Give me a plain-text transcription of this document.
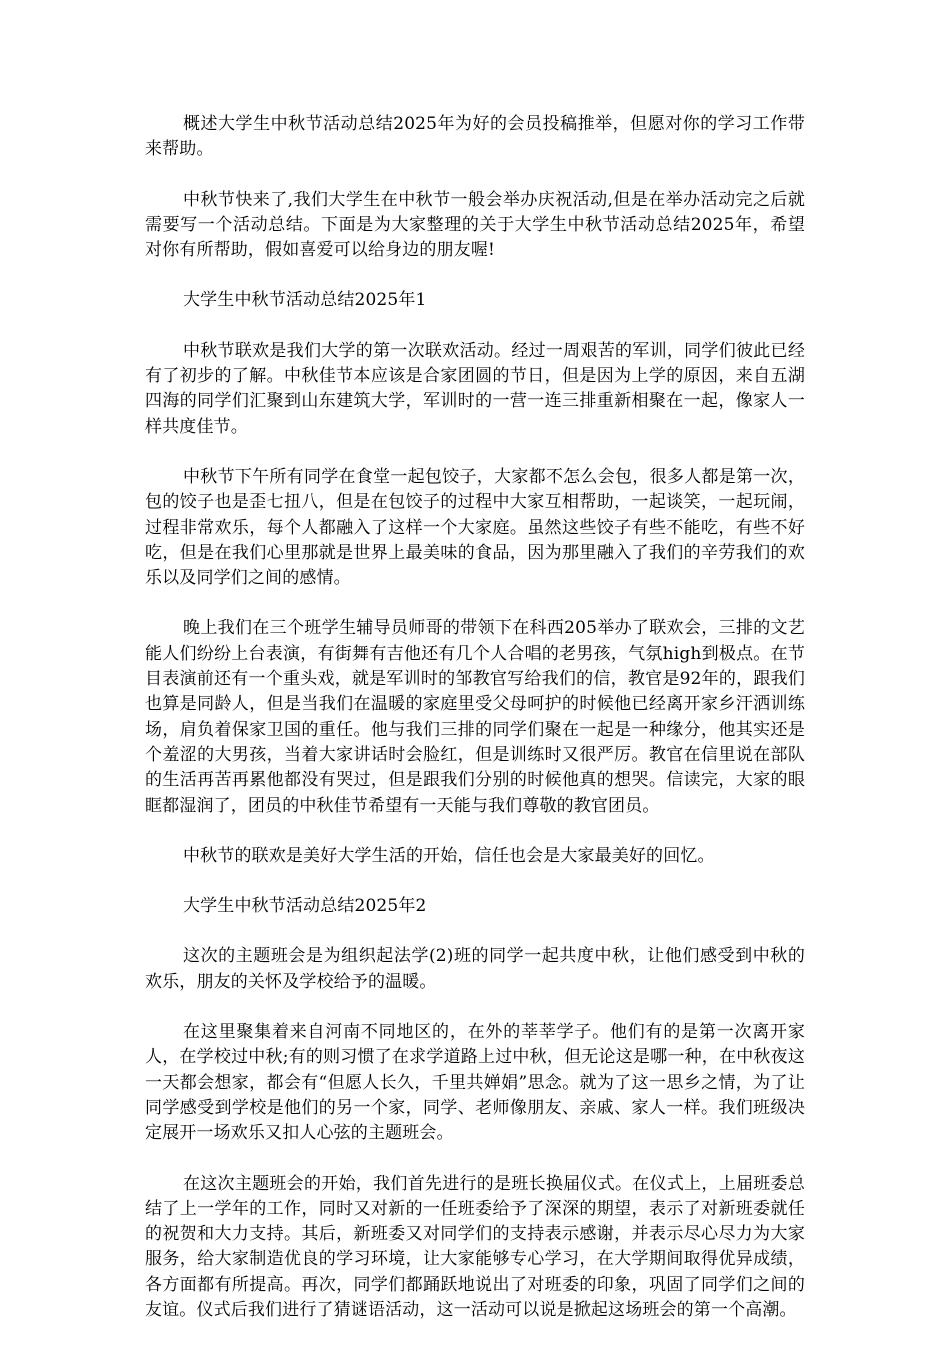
概述大学生中秋节活动总结2025年为好的会员投稿推举，但愿对你的学习工作带来帮助。

中秋节快来了,我们大学生在中秋节一般会举办庆祝活动,但是在举办活动完之后就需要写一个活动总结。下面是为大家整理的关于大学生中秋节活动总结2025年，希望对你有所帮助，假如喜爱可以给身边的朋友喔!

大学生中秋节活动总结2025年1

中秋节联欢是我们大学的第一次联欢活动。经过一周艰苦的军训，同学们彼此已经有了初步的了解。中秋佳节本应该是合家团圆的节日，但是因为上学的原因，来自五湖四海的同学们汇聚到山东建筑大学，军训时的一营一连三排重新相聚在一起，像家人一样共度佳节。

中秋节下午所有同学在食堂一起包饺子，大家都不怎么会包，很多人都是第一次，包的饺子也是歪七扭八，但是在包饺子的过程中大家互相帮助，一起谈笑，一起玩闹，过程非常欢乐，每个人都融入了这样一个大家庭。虽然这些饺子有些不能吃，有些不好吃，但是在我们心里那就是世界上最美味的食品，因为那里融入了我们的辛劳我们的欢乐以及同学们之间的感情。

晚上我们在三个班学生辅导员师哥的带领下在科西205举办了联欢会，三排的文艺能人们纷纷上台表演，有街舞有吉他还有几个人合唱的老男孩，气氛high到极点。在节目表演前还有一个重头戏，就是军训时的邹教官写给我们的信，教官是92年的，跟我们也算是同龄人，但是当我们在温暖的家庭里受父母呵护的时候他已经离开家乡汗洒训练场，肩负着保家卫国的重任。他与我们三排的同学们聚在一起是一种缘分，他其实还是个羞涩的大男孩，当着大家讲话时会脸红，但是训练时又很严厉。教官在信里说在部队的生活再苦再累他都没有哭过，但是跟我们分别的时候他真的想哭。信读完，大家的眼眶都湿润了，团员的中秋佳节希望有一天能与我们尊敬的教官团员。

中秋节的联欢是美好大学生活的开始，信任也会是大家最美好的回忆。

大学生中秋节活动总结2025年2

这次的主题班会是为组织起法学(2)班的同学一起共度中秋，让他们感受到中秋的欢乐，朋友的关怀及学校给予的温暖。

在这里聚集着来自河南不同地区的，在外的莘莘学子。他们有的是第一次离开家人，在学校过中秋;有的则习惯了在求学道路上过中秋，但无论这是哪一种，在中秋夜这一天都会想家，都会有“但愿人长久，千里共婵娟”思念。就为了这一思乡之情，为了让同学感受到学校是他们的另一个家，同学、老师像朋友、亲戚、家人一样。我们班级决定展开一场欢乐又扣人心弦的主题班会。

在这次主题班会的开始，我们首先进行的是班长换届仪式。在仪式上，上届班委总结了上一学年的工作，同时又对新的一任班委给予了深深的期望，表示了对新班委就任的祝贺和大力支持。其后，新班委又对同学们的支持表示感谢，并表示尽心尽力为大家服务，给大家制造优良的学习环境，让大家能够专心学习，在大学期间取得优异成绩，各方面都有所提高。再次，同学们都踊跃地说出了对班委的印象，巩固了同学们之间的友谊。仪式后我们进行了猜谜语活动，这一活动可以说是掀起这场班会的第一个高潮。
